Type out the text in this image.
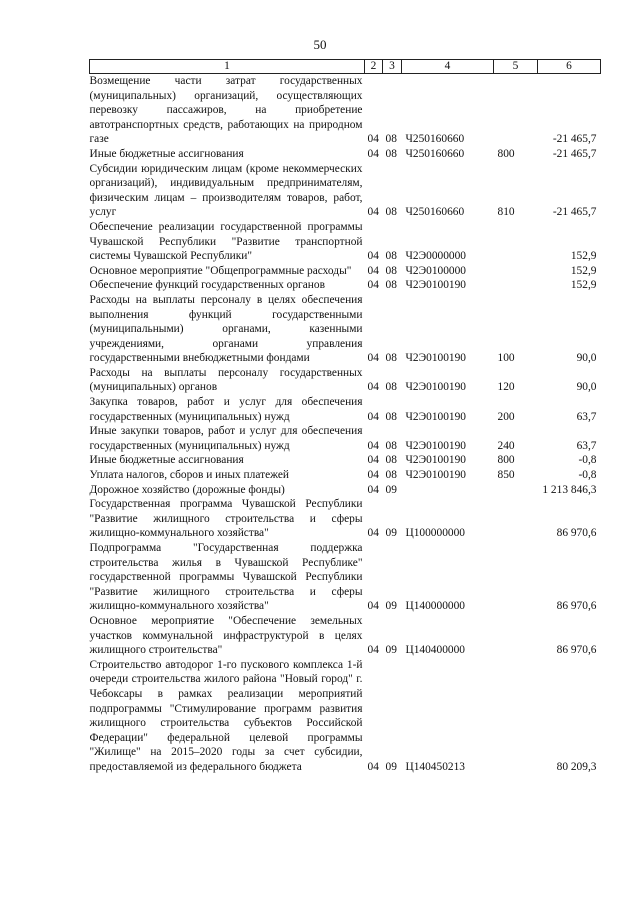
50
1	2	3	4	5	6
Возмещение части затрат государственных (муниципальных) организаций, осуществляющих перевозку пассажиров, на приобретение автотранспортных средств, работающих на природном газе	04	08	Ч250160660		-21 465,7
Иные бюджетные ассигнования	04	08	Ч250160660	800	-21 465,7
Субсидии юридическим лицам (кроме некоммерческих организаций), индивидуальным предпринимателям, физическим лицам – производителям товаров, работ, услуг	04	08	Ч250160660	810	-21 465,7
Обеспечение реализации государственной программы Чувашской Республики "Развитие транспортной системы Чувашской Республики"	04	08	Ч2Э0000000		152,9
Основное мероприятие "Общепрограммные расходы"	04	08	Ч2Э0100000		152,9
Обеспечение функций государственных органов	04	08	Ч2Э0100190		152,9
Расходы на выплаты персоналу в целях обеспечения выполнения функций государственными (муниципальными) органами, казенными учреждениями, органами управления государственными внебюджетными фондами	04	08	Ч2Э0100190	100	90,0
Расходы на выплаты персоналу государственных (муниципальных) органов	04	08	Ч2Э0100190	120	90,0
Закупка товаров, работ и услуг для обеспечения государственных (муниципальных) нужд	04	08	Ч2Э0100190	200	63,7
Иные закупки товаров, работ и услуг для обеспечения государственных (муниципальных) нужд	04	08	Ч2Э0100190	240	63,7
Иные бюджетные ассигнования	04	08	Ч2Э0100190	800	-0,8
Уплата налогов, сборов и иных платежей	04	08	Ч2Э0100190	850	-0,8
Дорожное хозяйство (дорожные фонды)	04	09			1 213 846,3
Государственная программа Чувашской Республики "Развитие жилищного строительства и сферы жилищно-коммунального хозяйства"	04	09	Ц100000000		86 970,6
Подпрограмма "Государственная поддержка строительства жилья в Чувашской Республике" государственной программы Чувашской Республики "Развитие жилищного строительства и сферы жилищно-коммунального хозяйства"	04	09	Ц140000000		86 970,6
Основное мероприятие "Обеспечение земельных участков коммунальной инфраструктурой в целях жилищного строительства"	04	09	Ц140400000		86 970,6
Строительство автодорог 1-го пускового комплекса 1-й очереди строительства жилого района "Новый город" г. Чебоксары в рамках реализации мероприятий подпрограммы "Стимулирование программ развития жилищного строительства субъектов Российской Федерации" федеральной целевой программы "Жилище" на 2015–2020 годы за счет субсидии, предоставляемой из федерального бюджета	04	09	Ц140450213		80 209,3
